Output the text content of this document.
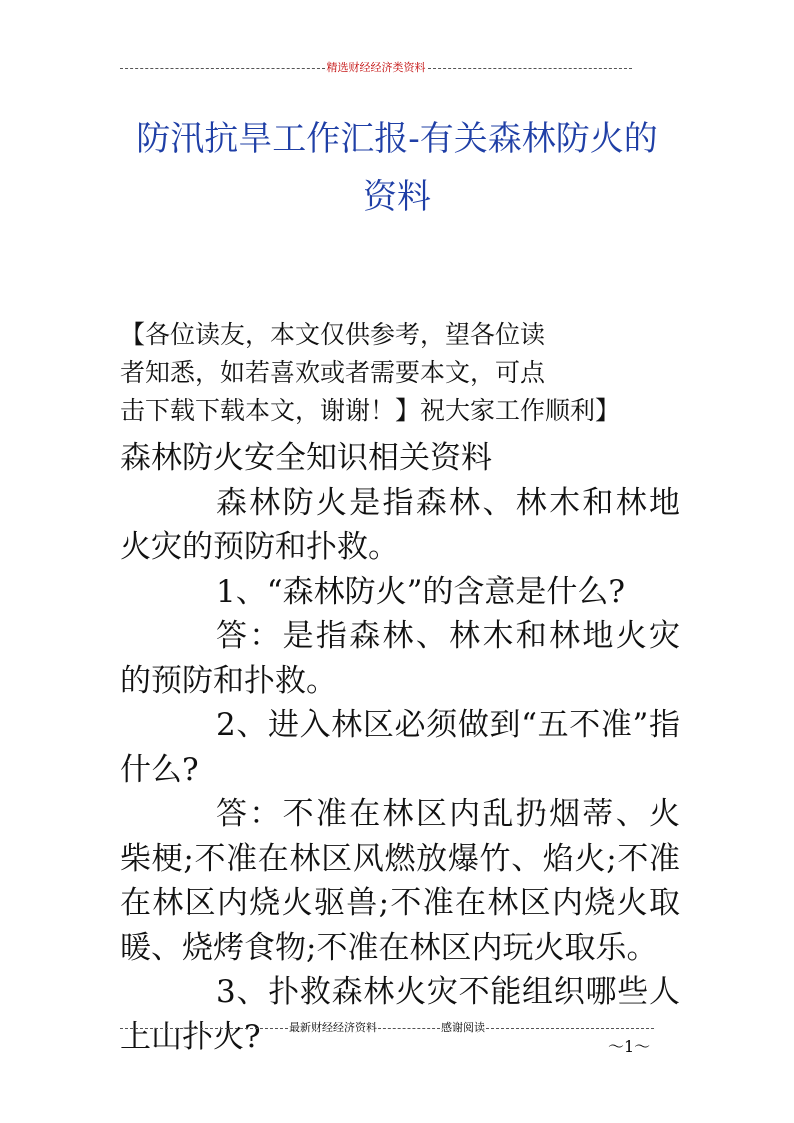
精选财经经济类资料
防汛抗旱工作汇报-有关森林防火的
资料

【各位读友，本文仅供参考，望各位读
者知悉，如若喜欢或者需要本文，可点
击下载下载本文，谢谢！】祝大家工作顺利】

森林防火安全知识相关资料

森林防火是指森林、林木和林地火灾的预防和扑救。

1、“森林防火”的含意是什么?

答：是指森林、林木和林地火灾的预防和扑救。

2、进入林区必须做到“五不准”指什么?

答：不准在林区内乱扔烟蒂、火柴梗;不准在林区风燃放爆竹、焰火;不准在林区内烧火驱兽;不准在林区内烧火取暖、烧烤食物;不准在林区内玩火取乐。

3、扑救森林火灾不能组织哪些人上山扑火?	最新财经经济资料	感谢阅读
～1～
